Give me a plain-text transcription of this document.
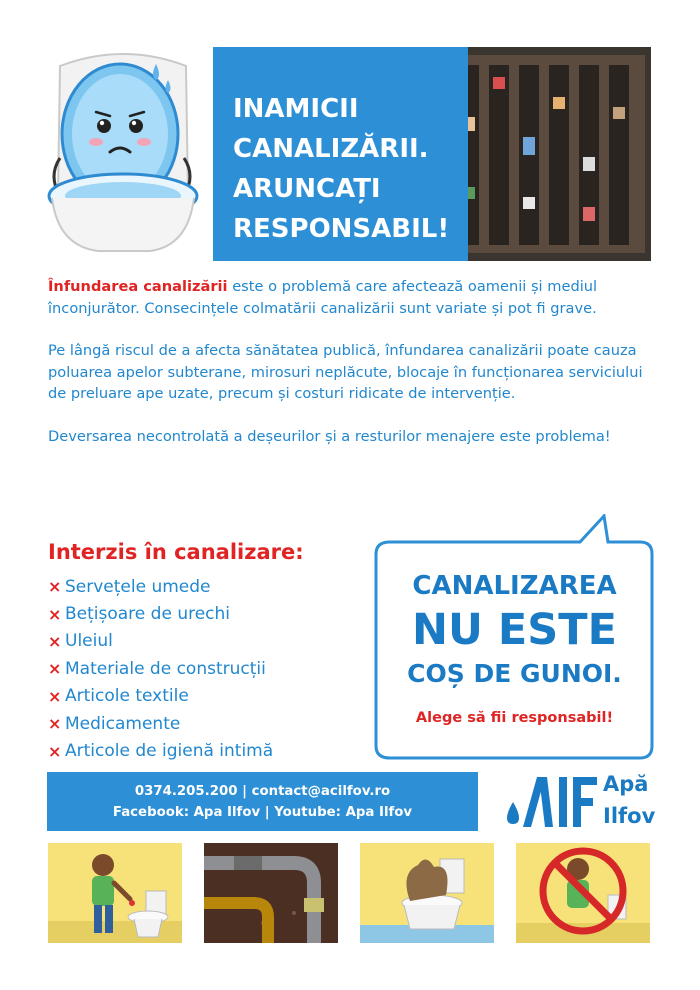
INAMICII
CANALIZĂRII.
ARUNCAȚI
RESPONSABIL!

Înfundarea canalizării este o problemă care afectează oamenii și mediul înconjurător. Consecințele colmatării canalizării sunt variate și pot fi grave.

Pe lângă riscul de a afecta sănătatea publică, înfundarea canalizării poate cauza poluarea apelor subterane, mirosuri neplăcute, blocaje în funcționarea serviciului de preluare ape uzate, precum și costuri ridicate de intervenție.

Deversarea necontrolată a deșeurilor și a resturilor menajere este problema!

Interzis în canalizare:
× Servețele umede
× Bețișoare de urechi
× Uleiul
× Materiale de construcții
× Articole textile
× Medicamente
× Articole de igienă intimă
CANALIZAREA
NU ESTE
COȘ DE GUNOI.
Alege să fii responsabil!
0374.205.200 | contact@acilfov.ro
Facebook: Apa Ilfov | Youtube: Apa Ilfov
Apă
Ilfov
